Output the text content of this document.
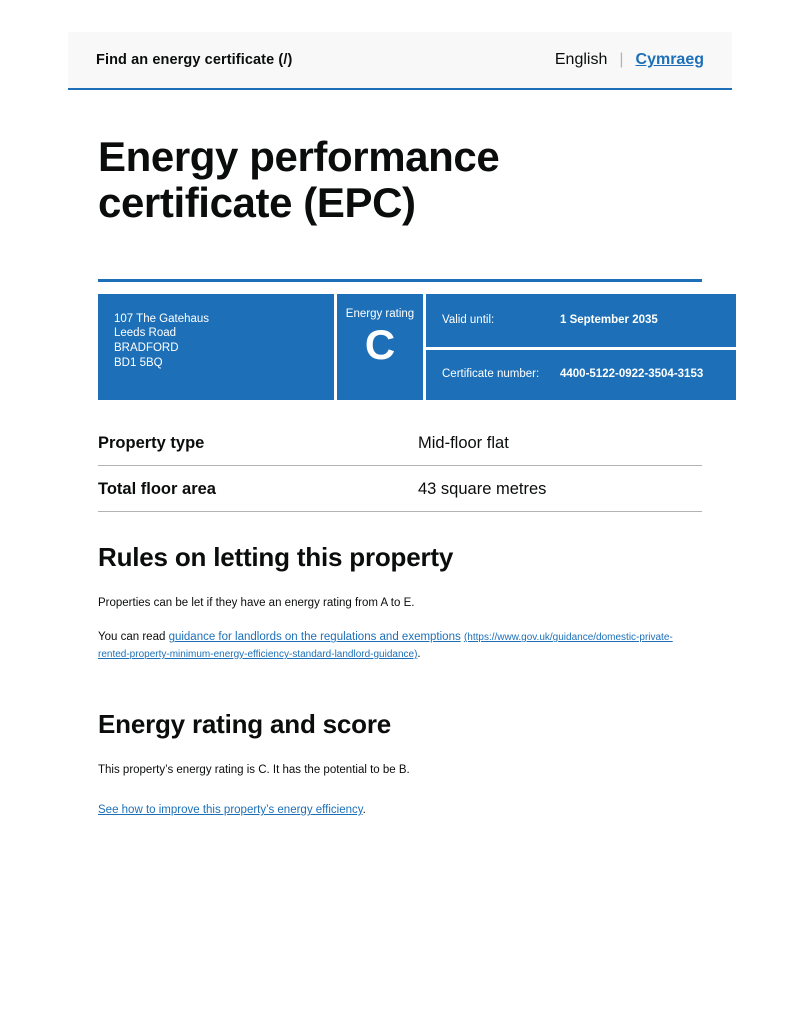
Find an energy certificate (/)	English | Cymraeg
Energy performance certificate (EPC)
107 The Gatehaus
Leeds Road
BRADFORD
BD1 5BQ
Energy rating
C
Valid until:	1 September 2035
Certificate number:	4400-5122-0922-3504-3153
Property type	Mid-floor flat
Total floor area	43 square metres
Rules on letting this property

Properties can be let if they have an energy rating from A to E.

You can read guidance for landlords on the regulations and exemptions (https://www.gov.uk/guidance/domestic-private-rented-property-minimum-energy-efficiency-standard-landlord-guidance).

Energy rating and score

This property’s energy rating is C. It has the potential to be B.

See how to improve this property’s energy efficiency.
